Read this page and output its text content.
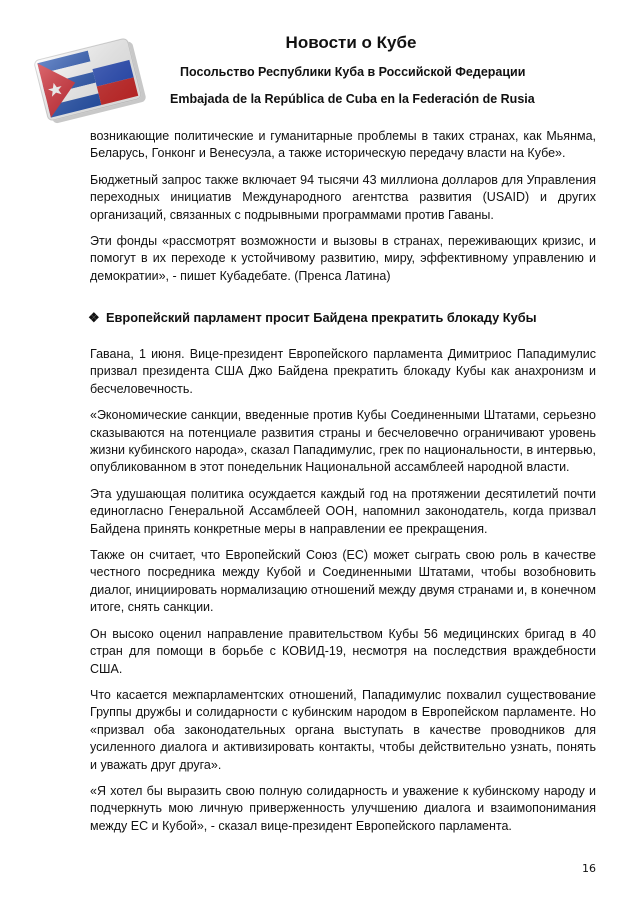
Новости о Кубе
Посольство Республики Куба в Российской Федерации
Embajada de la República de Cuba en la Federación de Rusia

возникающие политические и гуманитарные проблемы в таких странах, как Мьянма, Беларусь, Гонконг и Венесуэла, а также историческую передачу власти на Кубе».

Бюджетный запрос также включает 94 тысячи 43 миллиона долларов для Управления переходных инициатив Международного агентства развития (USAID) и других организаций, связанных с подрывными программами против Гаваны.

Эти фонды «рассмотрят возможности и вызовы в странах, переживающих кризис, и помогут в их переходе к устойчивому развитию, миру, эффективному управлению и демократии», - пишет Кубадебате. (Пренса Латина)

❖ Европейский парламент просит Байдена прекратить блокаду Кубы

Гавана, 1 июня. Вице-президент Европейского парламента Димитриос Пападимулис призвал президента США Джо Байдена прекратить блокаду Кубы как анахронизм и бесчеловечность.

«Экономические санкции, введенные против Кубы Соединенными Штатами, серьезно сказываются на потенциале развития страны и бесчеловечно ограничивают уровень жизни кубинского народа», сказал Пападимулис, грек по национальности, в интервью, опубликованном в этот понедельник Национальной ассамблеей народной власти.

Эта удушающая политика осуждается каждый год на протяжении десятилетий почти единогласно Генеральной Ассамблеей ООН, напомнил законодатель, когда призвал Байдена принять конкретные меры в направлении ее прекращения.

Также он считает, что Европейский Союз (ЕС) может сыграть свою роль в качестве честного посредника между Кубой и Соединенными Штатами, чтобы возобновить диалог, инициировать нормализацию отношений между двумя странами и, в конечном итоге, снять санкции.

Он высоко оценил направление правительством Кубы 56 медицинских бригад в 40 стран для помощи в борьбе с КОВИД-19, несмотря на последствия враждебности США.

Что касается межпарламентских отношений, Пападимулис похвалил существование Группы дружбы и солидарности с кубинским народом в Европейском парламенте. Но «призвал оба законодательных органа выступать в качестве проводников для усиленного диалога и активизировать контакты, чтобы действительно узнать, понять и уважать друг друга».

«Я хотел бы выразить свою полную солидарность и уважение к кубинскому народу и подчеркнуть мою личную приверженность улучшению диалога и взаимопонимания между ЕС и Кубой», - сказал вице-президент Европейского парламента.

16
